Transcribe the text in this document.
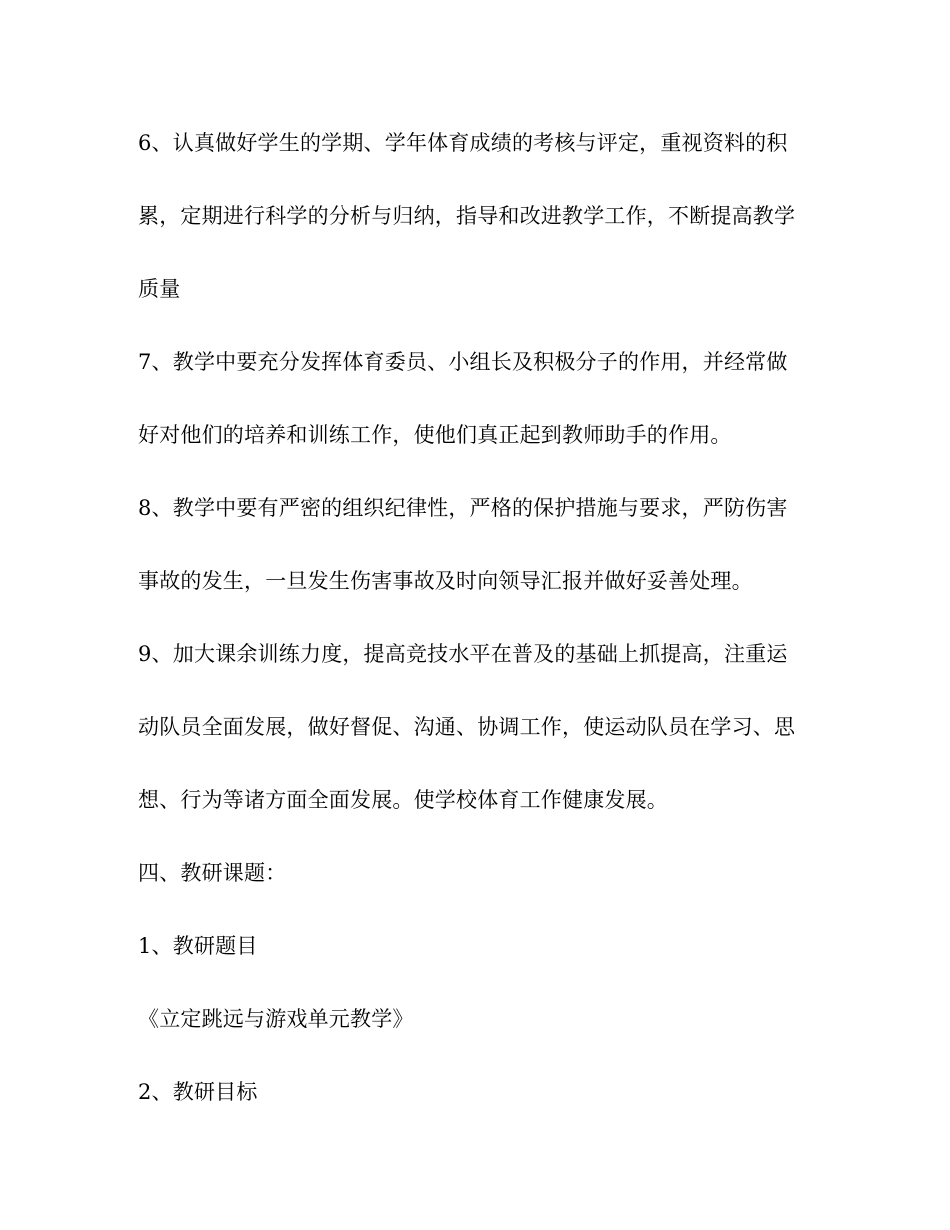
6、认真做好学生的学期、学年体育成绩的考核与评定，重视资料的积
累，定期进行科学的分析与归纳，指导和改进教学工作，不断提高教学
质量
7、教学中要充分发挥体育委员、小组长及积极分子的作用，并经常做
好对他们的培养和训练工作，使他们真正起到教师助手的作用。
8、教学中要有严密的组织纪律性，严格的保护措施与要求，严防伤害
事故的发生，一旦发生伤害事故及时向领导汇报并做好妥善处理。
9、加大课余训练力度，提高竞技水平在普及的基础上抓提高，注重运
动队员全面发展，做好督促、沟通、协调工作，使运动队员在学习、思
想、行为等诸方面全面发展。使学校体育工作健康发展。
四、教研课题：
1、教研题目
《立定跳远与游戏单元教学》
2、教研目标
